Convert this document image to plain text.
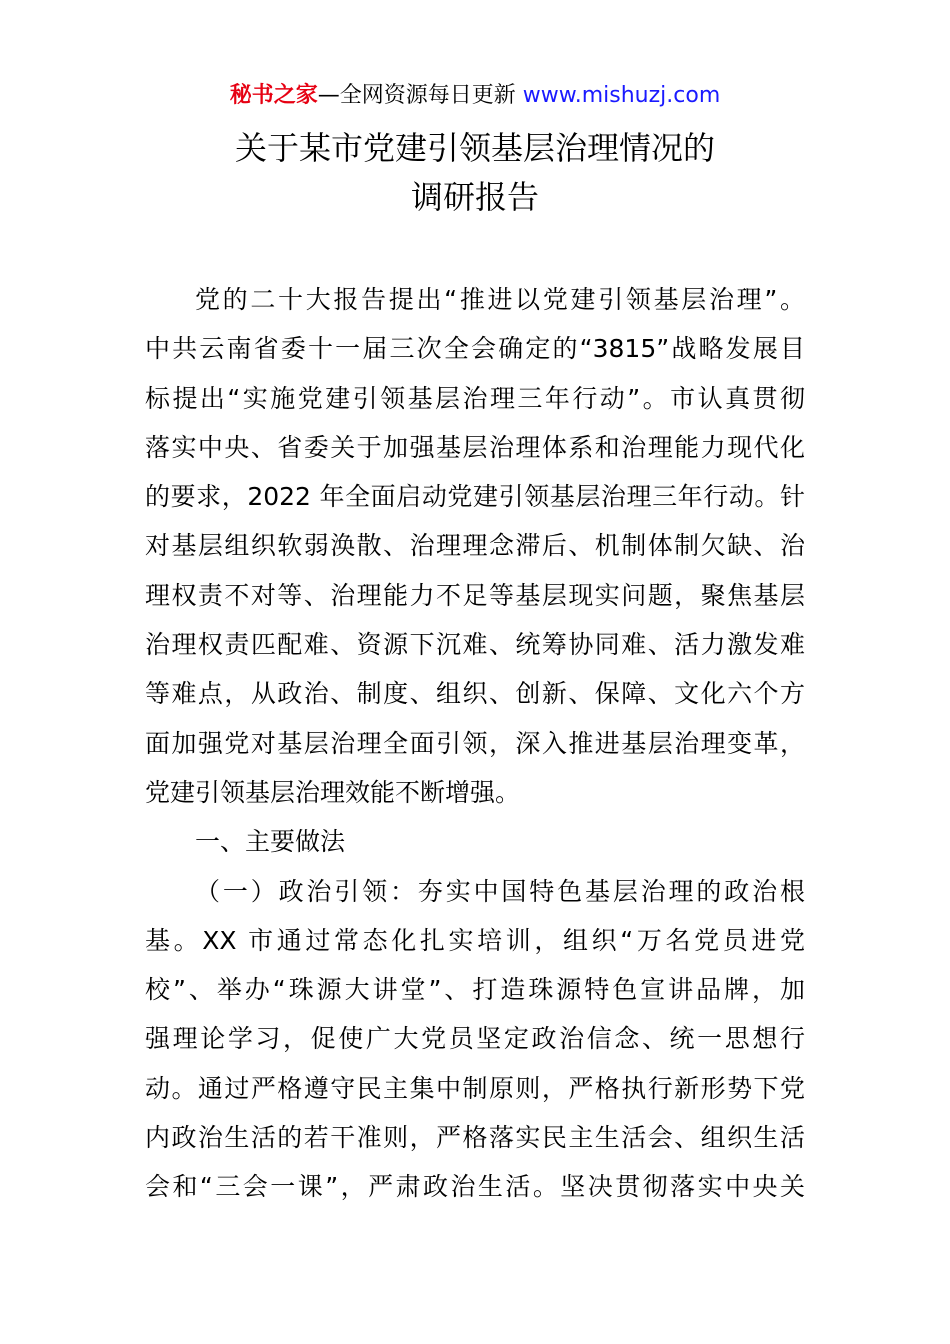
秘书之家—全网资源每日更新 www.mishuzj.com
关于某市党建引领基层治理情况的
调研报告
党的二十大报告提出“推进以党建引领基层治理”。
中共云南省委十一届三次全会确定的“3815”战略发展目
标提出“实施党建引领基层治理三年行动”。市认真贯彻
落实中央、省委关于加强基层治理体系和治理能力现代化
的要求，2022 年全面启动党建引领基层治理三年行动。针
对基层组织软弱涣散、治理理念滞后、机制体制欠缺、治
理权责不对等、治理能力不足等基层现实问题，聚焦基层
治理权责匹配难、资源下沉难、统筹协同难、活力激发难
等难点，从政治、制度、组织、创新、保障、文化六个方
面加强党对基层治理全面引领，深入推进基层治理变革，
党建引领基层治理效能不断增强。
一、主要做法
（一）政治引领：夯实中国特色基层治理的政治根
基。XX 市通过常态化扎实培训，组织“万名党员进党
校”、举办“珠源大讲堂”、打造珠源特色宣讲品牌，加
强理论学习，促使广大党员坚定政治信念、统一思想行
动。通过严格遵守民主集中制原则，严格执行新形势下党
内政治生活的若干准则，严格落实民主生活会、组织生活
会和“三会一课”，严肃政治生活。坚决贯彻落实中央关
